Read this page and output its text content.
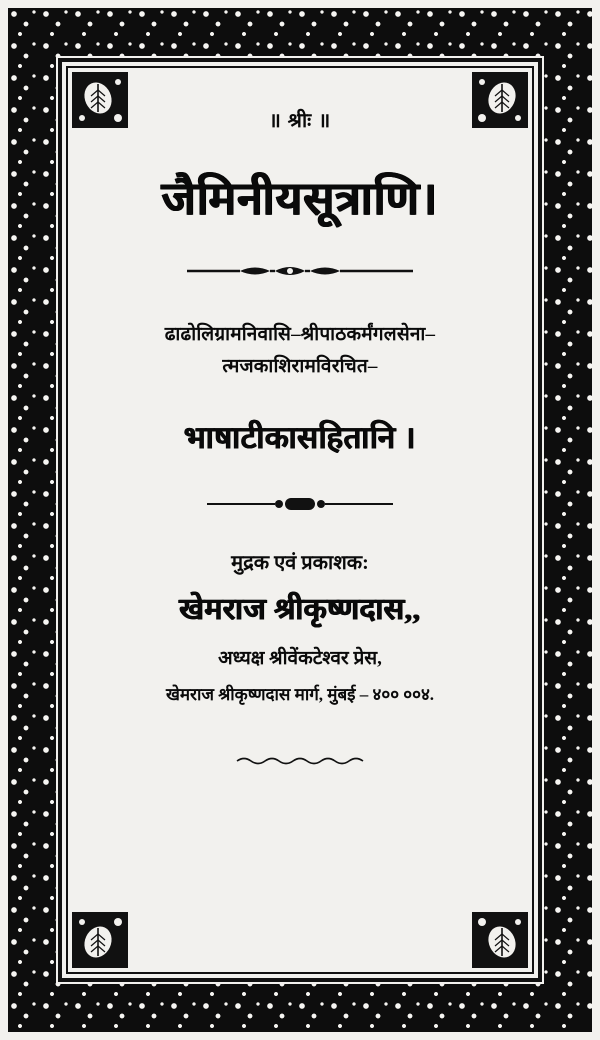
॥ श्रीः ॥
जैमिनीयसूत्राणि।
ढाढोलिग्रामनिवासि–श्रीपाठकर्मंगलसेना–
त्मजकाशिरामविरचित–
भाषाटीकासहितानि ।
मुद्रक एवं प्रकाशक:
खेमराज श्रीकृष्णदास,,
अध्यक्ष श्रीवेंकटेश्वर प्रेस,
खेमराज श्रीकृष्णदास मार्ग, मुंबई – ४०० ००४.
